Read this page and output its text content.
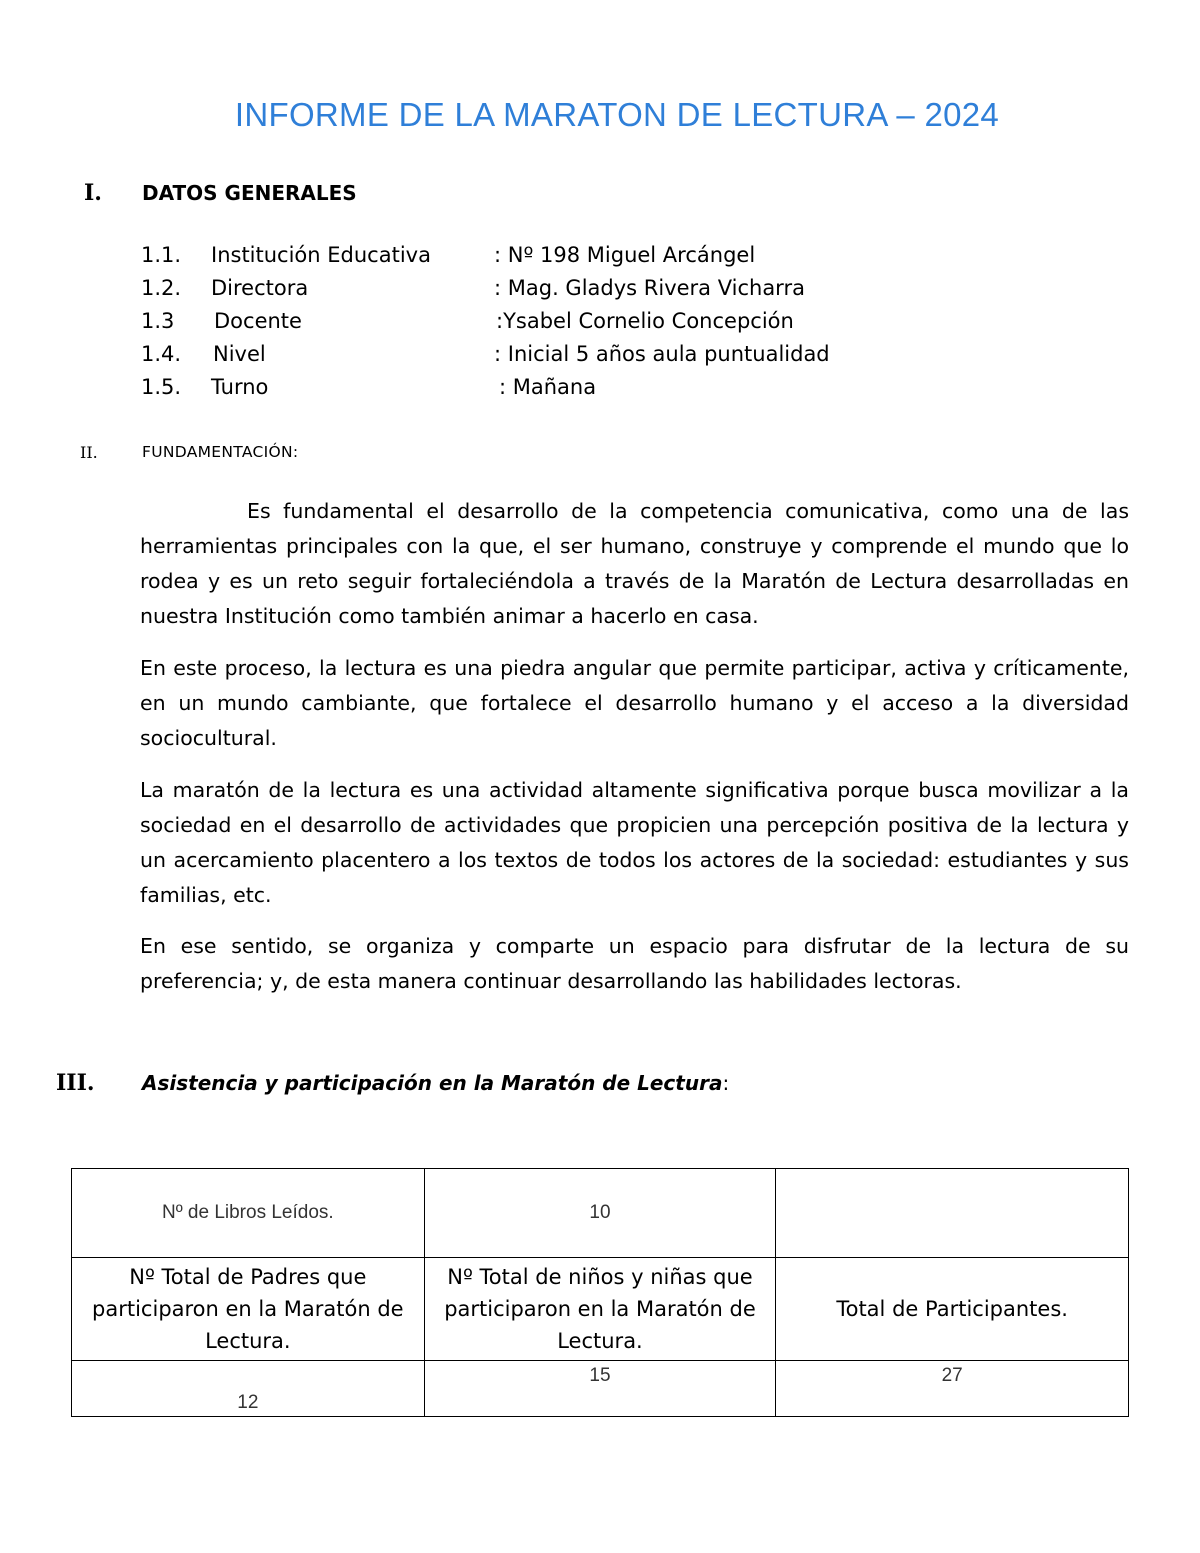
INFORME DE LA MARATON DE LECTURA – 2024
I. DATOS GENERALES
1.1. Institución Educativa	: Nº 198 Miguel Arcángel
1.2. Directora	: Mag. Gladys Rivera Vicharra
1.3 Docente	:Ysabel Cornelio Concepción
1.4. Nivel	: Inicial 5 años aula puntualidad
1.5. Turno	: Mañana
II.	FUNDAMENTACIÓN:

Es fundamental el desarrollo de la competencia comunicativa, como una de las herramientas principales con la que, el ser humano, construye y comprende el mundo que lo rodea y es un reto seguir fortaleciéndola a través de la Maratón de Lectura desarrolladas en nuestra Institución como también animar a hacerlo en casa.

En este proceso, la lectura es una piedra angular que permite participar, activa y críticamente, en un mundo cambiante, que fortalece el desarrollo humano y el acceso a la diversidad sociocultural.

La maratón de la lectura es una actividad altamente significativa porque busca movilizar a la sociedad en el desarrollo de actividades que propicien una percepción positiva de la lectura y un acercamiento placentero a los textos de todos los actores de la sociedad: estudiantes y sus familias, etc.

En ese sentido, se organiza y comparte un espacio para disfrutar de la lectura de su preferencia; y, de esta manera continuar desarrollando las habilidades lectoras.

III. Asistencia y participación en la Maratón de Lectura:
Nº de Libros Leídos.	10	
Nº Total de Padres que participaron en la Maratón de Lectura.	Nº Total de niños y niñas que participaron en la Maratón de Lectura.	Total de Participantes.
12	15	27
